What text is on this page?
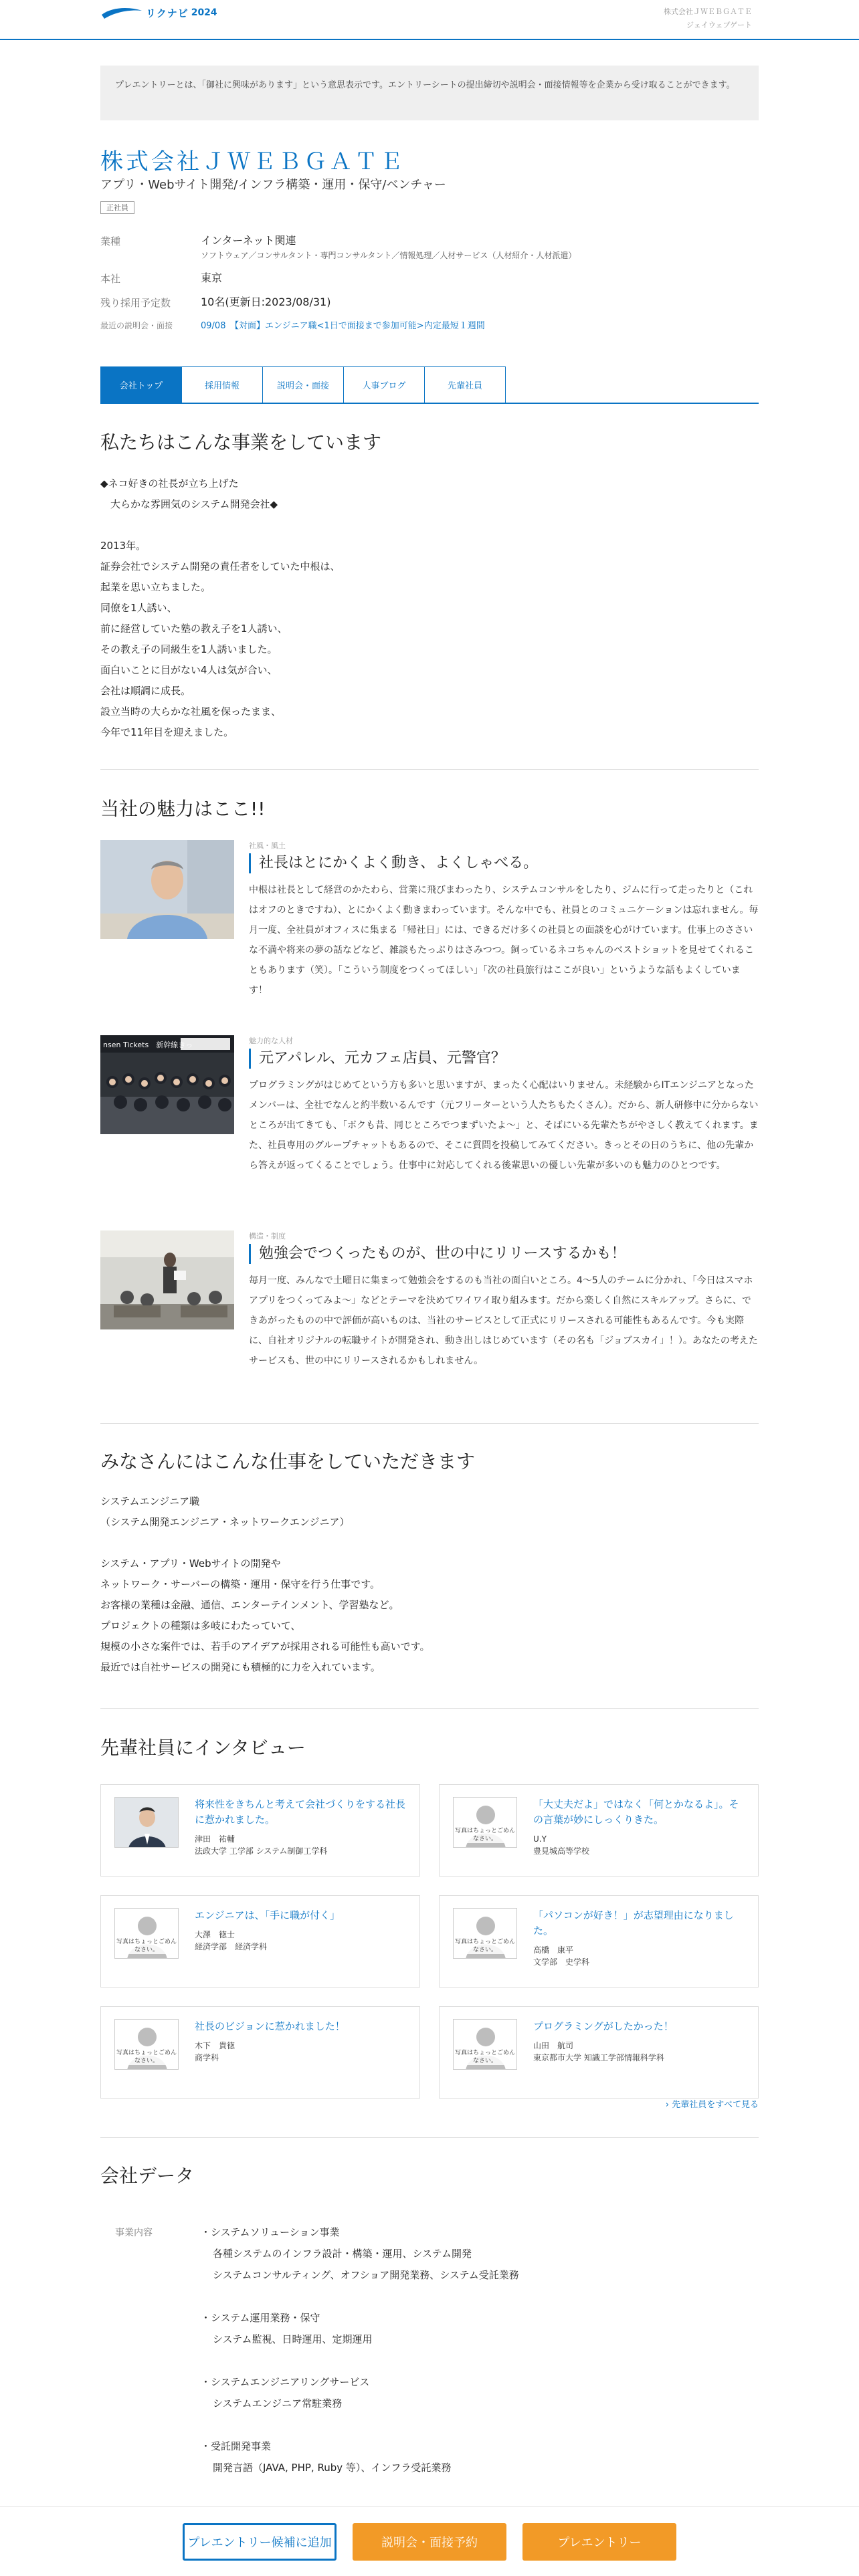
リクナビ 2024	株式会社ＪＷＥＢＧＡＴＥ
ジェイウェブゲート
プレエントリーとは、「御社に興味があります」という意思表示です。エントリーシートの提出締切や説明会・面接情報等を企業から受け取ることができます。
株式会社ＪＷＥＢＧＡＴＥ
アプリ・Webサイト開発/インフラ構築・運用・保守/ベンチャー
正社員
業種	インターネット関連
ソフトウェア／コンサルタント・専門コンサルタント／情報処理／人材サービス（人材紹介・人材派遣）
本社	東京
残り採用予定数	10名(更新日:2023/08/31)
最近の説明会・面接	09/08　【対面】エンジニア職<1日で面接まで参加可能>内定最短１週間
会社トップ	採用情報	説明会・面接	人事ブログ	先輩社員
私たちはこんな事業をしています
◆ネコ好きの社長が立ち上げた
　大らかな雰囲気のシステム開発会社◆

2013年。
証券会社でシステム開発の責任者をしていた中根は、
起業を思い立ちました。
同僚を1人誘い、
前に経営していた塾の教え子を1人誘い、
その教え子の同級生を1人誘いました。
面白いことに目がない4人は気が合い、
会社は順調に成長。
設立当時の大らかな社風を保ったまま、
今年で11年目を迎えました。
当社の魅力はここ!!
社風・風土
社長はとにかくよく動き、よくしゃべる。
中根は社長として経営のかたわら、営業に飛びまわったり、システムコンサルをしたり、ジムに行って走ったりと（これはオフのときですね）、とにかくよく動きまわっています。そんな中でも、社員とのコミュニケーションは忘れません。毎月一度、全社員がオフィスに集まる「帰社日」には、できるだけ多くの社員との面談を心がけています。仕事上のささいな不満や将来の夢の話などなど、雑談もたっぷりはさみつつ。飼っているネコちゃんのベストショットを見せてくれることもあります（笑）。「こういう制度をつくってほしい」「次の社員旅行はここが良い」というような話もよくしています！
nsen Tickets　新幹線きっ	魅力的な人材
元アパレル、元カフェ店員、元警官？
プログラミングがはじめてという方も多いと思いますが、まったく心配はいりません。未経験からITエンジニアとなったメンバーは、全社でなんと約半数いるんです（元フリーターという人たちもたくさん）。だから、新人研修中に分からないところが出てきても、「ボクも昔、同じところでつまずいたよ～」と、そばにいる先輩たちがやさしく教えてくれます。また、社員専用のグループチャットもあるので、そこに質問を投稿してみてください。きっとその日のうちに、他の先輩から答えが返ってくることでしょう。仕事中に対応してくれる後輩思いの優しい先輩が多いのも魅力のひとつです。
構造・制度
勉強会でつくったものが、世の中にリリースするかも！
毎月一度、みんなで土曜日に集まって勉強会をするのも当社の面白いところ。4～5人のチームに分かれ、「今日はスマホアプリをつくってみよ～」などとテーマを決めてワイワイ取り組みます。だから楽しく自然にスキルアップ。さらに、できあがったものの中で評価が高いものは、当社のサービスとして正式にリリースされる可能性もあるんです。今も実際に、自社オリジナルの転職サイトが開発され、動き出しはじめています（その名も「ジョブスカイ」！）。あなたの考えたサービスも、世の中にリリースされるかもしれません。
みなさんにはこんな仕事をしていただきます
システムエンジニア職
（システム開発エンジニア・ネットワークエンジニア）

システム・アプリ・Webサイトの開発や
ネットワーク・サーバーの構築・運用・保守を行う仕事です。
お客様の業種は金融、通信、エンターテインメント、学習塾など。
プロジェクトの種類は多岐にわたっていて、
規模の小さな案件では、若手のアイデアが採用される可能性も高いです。
最近では自社サービスの開発にも積極的に力を入れています。
先輩社員にインタビュー
将来性をきちんと考えて会社づくりをする社長に惹かれました。
津田　祐輔
法政大学 工学部 システム制御工学科
写真はちょっとごめんなさい。
「大丈夫だよ」ではなく「何とかなるよ」。その言葉が妙にしっくりきた。
U.Y
豊見城高等学校
写真はちょっとごめんなさい。
エンジニアは、「手に職が付く」
大澤　徳士
経済学部　経済学科	写真はちょっとごめんなさい。
「パソコンが好き！」が志望理由になりました。
高橋　康平
文学部　史学科
写真はちょっとごめんなさい。
社長のビジョンに惹かれました！
木下　貴徳
商学科	写真はちょっとごめんなさい。
プログラミングがしたかった！
山田　航司
東京都市大学 知識工学部情報科学科
› 先輩社員をすべて見る
会社データ
事業内容	・システムソリューション事業
各種システムのインフラ設計・構築・運用、システム開発
システムコンサルティング、オフショア開発業務、システム受託業務
・システム運用業務・保守
システム監視、日時運用、定期運用
・システムエンジニアリングサービス
システムエンジニア常駐業務
・受託開発事業
開発言語（JAVA, PHP, Ruby 等）、インフラ受託業務
プレエントリー候補に追加	説明会・面接予約	プレエントリー
